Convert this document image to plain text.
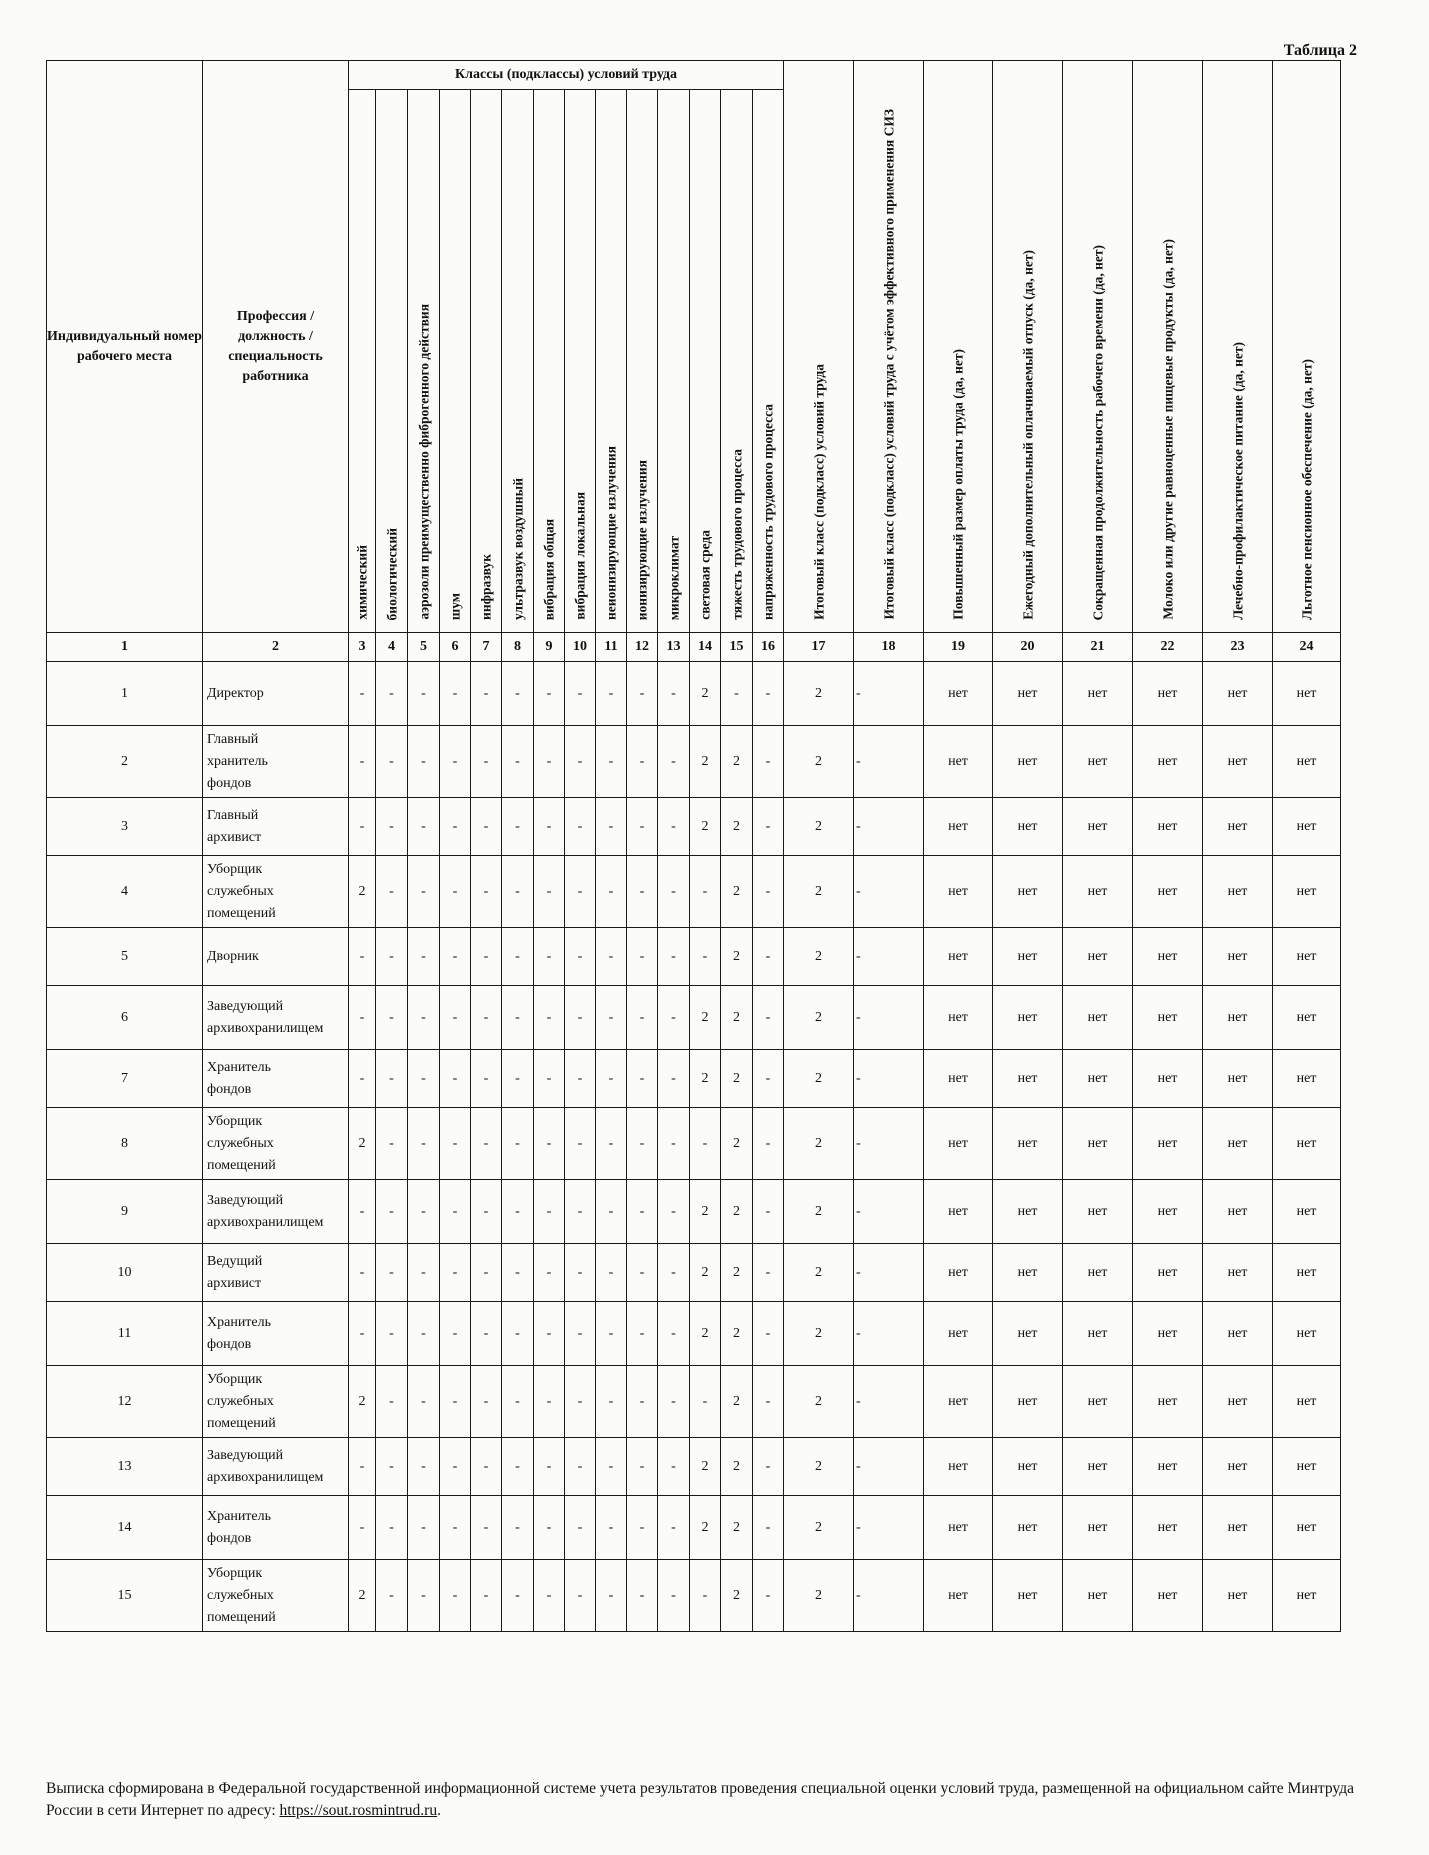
Таблица 2
Индивидуальный номер рабочего места	Профессия / должность / специальность работника	Классы (подклассы) условий труда														Итоговый класс (подкласс) условий труда	Итоговый класс (подкласс) условий труда с учётом эффективного применения СИЗ	Повышенный размер оплаты труда (да, нет)	Ежегодный дополнительный оплачиваемый отпуск (да, нет)	Сокращенная продолжительность рабочего времени (да, нет)	Молоко или другие равноценные пищевые продукты (да, нет)	Лечебно-профилактическое питание (да, нет)	Льготное пенсионное обеспечение (да, нет)

		химический	биологический	аэрозоли преимущественно фиброгенного действия	шум	инфразвук	ультразвук воздушный	вибрация общая	вибрация локальная	неионизирующие излучения	ионизирующие излучения	микроклимат	световая среда	тяжесть трудового процесса	напряженность трудового процесса								

1	2	3	4	5	6	7	8	9	10	11	12	13	14	15	16	17	18	19	20	21	22	23	24
1	Директор	-	-	-	-	-	-	-	-	-	-	-	2	-	-	2	-	нет	нет	нет	нет	нет	нет
2	Главный
хранитель
фондов	-	-	-	-	-	-	-	-	-	-	-	2	2	-	2	-	нет	нет	нет	нет	нет	нет
3	Главный
архивист	-	-	-	-	-	-	-	-	-	-	-	2	2	-	2	-	нет	нет	нет	нет	нет	нет
4	Уборщик
служебных
помещений	2	-	-	-	-	-	-	-	-	-	-	-	2	-	2	-	нет	нет	нет	нет	нет	нет
5	Дворник	-	-	-	-	-	-	-	-	-	-	-	-	2	-	2	-	нет	нет	нет	нет	нет	нет
6	Заведующий
архивохранилищем	-	-	-	-	-	-	-	-	-	-	-	2	2	-	2	-	нет	нет	нет	нет	нет	нет
7	Хранитель
фондов	-	-	-	-	-	-	-	-	-	-	-	2	2	-	2	-	нет	нет	нет	нет	нет	нет
8	Уборщик
служебных
помещений	2	-	-	-	-	-	-	-	-	-	-	-	2	-	2	-	нет	нет	нет	нет	нет	нет
9	Заведующий
архивохранилищем	-	-	-	-	-	-	-	-	-	-	-	2	2	-	2	-	нет	нет	нет	нет	нет	нет
10	Ведущий
архивист	-	-	-	-	-	-	-	-	-	-	-	2	2	-	2	-	нет	нет	нет	нет	нет	нет
11	Хранитель
фондов	-	-	-	-	-	-	-	-	-	-	-	2	2	-	2	-	нет	нет	нет	нет	нет	нет
12	Уборщик
служебных
помещений	2	-	-	-	-	-	-	-	-	-	-	-	2	-	2	-	нет	нет	нет	нет	нет	нет
13	Заведующий
архивохранилищем	-	-	-	-	-	-	-	-	-	-	-	2	2	-	2	-	нет	нет	нет	нет	нет	нет
14	Хранитель
фондов	-	-	-	-	-	-	-	-	-	-	-	2	2	-	2	-	нет	нет	нет	нет	нет	нет
15	Уборщик
служебных
помещений	2	-	-	-	-	-	-	-	-	-	-	-	2	-	2	-	нет	нет	нет	нет	нет	нет
Выписка сформирована в Федеральной государственной информационной системе учета результатов проведения специальной оценки условий труда, размещенной на официальном сайте Минтруда России в сети Интернет по адресу: https://sout.rosmintrud.ru.
